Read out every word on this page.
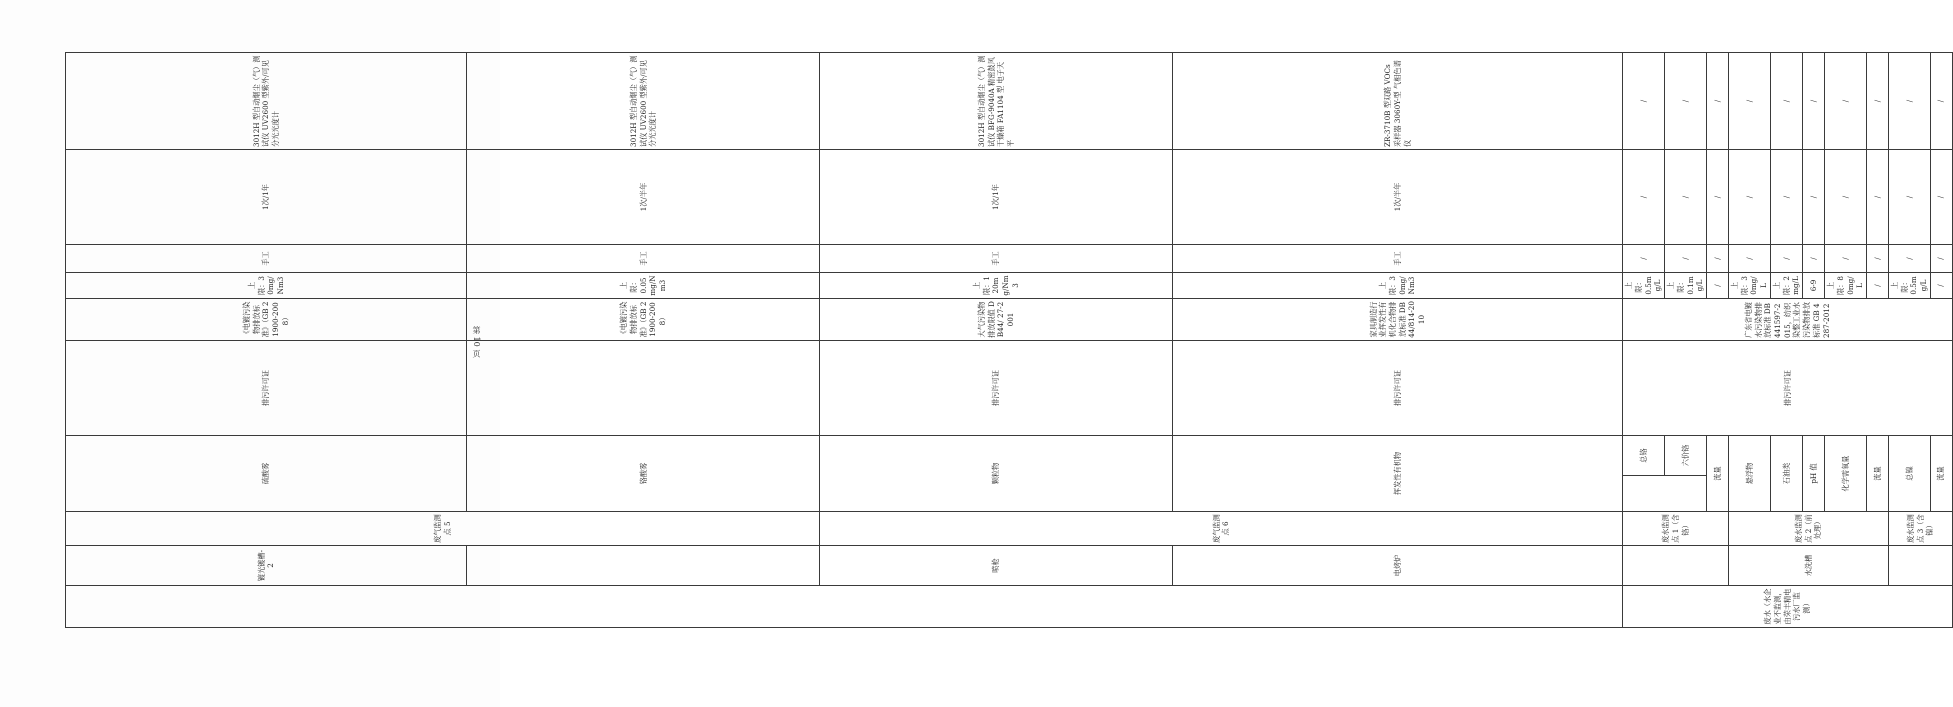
	镀光镀槽-2	废气监测点 5	硫酸雾		排污许可证	《电镀污染物排放标准》（GB 21900-2008）	上限：30mg/Nm3	手工	1次/1年	3012H 型自动烟尘（气）测试仪 UV2600 型紫外/可见分光光度计	
			铬酸雾			《电镀污染物排放标准》（GB 21900-2008）	上限：0.05mg/Nm3	手工	1次/半年	3012H 型自动烟尘（气）测试仪 UV2600 型紫外/可见分光光度计	
	喷枪	废气监测点 6	颗粒物		排污许可证	大气污染物排放限值 DB44/ 27-2001	上限：120mg/Nm3	手工	1次/1年	3012H 型自动烟尘（气）测试仪 BFG-9040A 精密鼓风干燥箱 FA1104 型 电子天平	
	电烤炉		挥发性有机物		排污许可证	家具制造行业挥发性有机化合物排放标准 DB44/814-2010	上限：30mg/Nm3	手工	1次/半年	ZR-3710B 型双路 VOCs 采样器 3060Y-型 气相色谱仪	
废水（水企业不监测，由荣丰精电污水厂监测）		废水监测点 1（含铬）		总铬	排污许可证	广东省电镀水污染物排放标准 DB441597-2015，纺织染整工业水污染物排放标准 GB 4287-2012	上限：0.5mg/L	/	/	/	
				六价铬			上限：0.1mg/L	/	/	/	
			流量				/	/	/	/	
	水洗槽	废水监测点 2（前处理）	悬浮物				上限：30mg/L	/	/	/	
			石油类				上限：2mg/L	/	/	/	
			pH 值				6-9	/	/	/	
			化学需氧量				上限：80mg/L	/	/	/	
			流量				/	/	/	/	
		废水监测点 3（含镍）	总镍				上限：0.5mg/L	/	/	/	
			流量				/	/	/	/	
第 10 页
